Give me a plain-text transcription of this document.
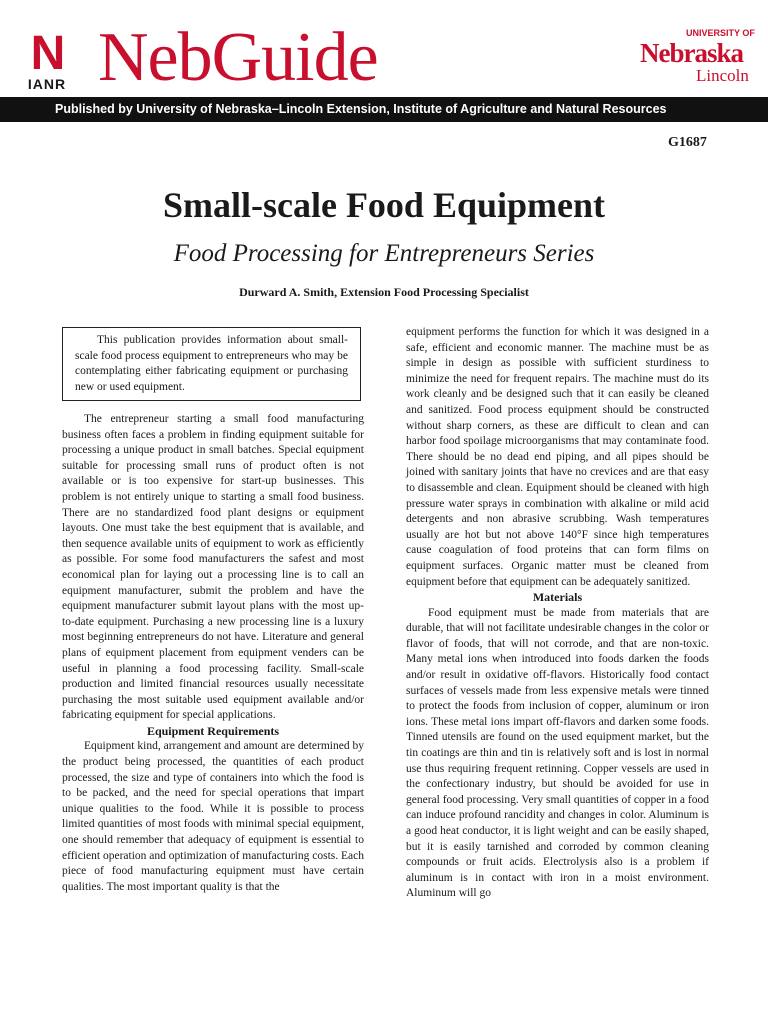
N
IANR NebGuide	UNIVERSITY OF
Nebraska
Lincoln
Published by University of Nebraska–Lincoln Extension, Institute of Agriculture and Natural Resources
G1687
Small-scale Food Equipment
Food Processing for Entrepreneurs Series
Durward A. Smith, Extension Food Processing Specialist
This publication provides information about small-scale food process equipment to entrepreneurs who may be contemplating either fabricating equipment or purchasing new or used equipment.

The entrepreneur starting a small food manufacturing business often faces a problem in finding equipment suitable for processing a unique product in small batches. Special equipment suitable for processing small runs of product often is not available or is too expensive for start-up businesses. This problem is not entirely unique to starting a small food business. There are no standardized food plant designs or equipment layouts. One must take the best equipment that is available, and then sequence available units of equipment to work as efficiently as possible. For some food manufacturers the safest and most economical plan for laying out a processing line is to call an equipment manufacturer, submit the problem and have the equipment manufacturer submit layout plans with the most up-to-date equipment. Purchasing a new processing line is a luxury most beginning entrepreneurs do not have. Literature and general plans of equipment placement from equipment venders can be useful in planning a food processing facility. Small-scale production and limited financial resources usually necessitate purchasing the most suitable used equipment available and/or fabricating equipment for special applications.

Equipment Requirements

Equipment kind, arrangement and amount are determined by the product being processed, the quantities of each product processed, the size and type of containers into which the food is to be packed, and the need for special operations that impart unique qualities to the food. While it is possible to process limited quantities of most foods with minimal special equipment, one should remember that adequacy of equipment is essential to efficient operation and optimization of manufacturing costs. Each piece of food manufacturing equipment must have certain qualities. The most important quality is that the

equipment performs the function for which it was designed in a safe, efficient and economic manner. The machine must be as simple in design as possible with sufficient sturdiness to minimize the need for frequent repairs. The machine must do its work cleanly and be designed such that it can easily be cleaned and sanitized. Food process equipment should be constructed without sharp corners, as these are difficult to clean and can harbor food spoilage microorganisms that may contaminate food. There should be no dead end piping, and all pipes should be joined with sanitary joints that have no crevices and are that easy to disassemble and clean. Equipment should be cleaned with high pressure water sprays in combination with alkaline or mild acid detergents and non abrasive scrubbing. Wash temperatures usually are hot but not above 140°F since high temperatures cause coagulation of food proteins that can form films on equipment surfaces. Organic matter must be cleaned from equipment before that equipment can be adequately sanitized.

Materials

Food equipment must be made from materials that are durable, that will not facilitate undesirable changes in the color or flavor of foods, that will not corrode, and that are non-toxic. Many metal ions when introduced into foods darken the foods and/or result in oxidative off-flavors. Historically food contact surfaces of vessels made from less expensive metals were tinned to protect the foods from inclusion of copper, aluminum or iron ions. These metal ions impart off-flavors and darken some foods. Tinned utensils are found on the used equipment market, but the tin coatings are thin and tin is relatively soft and is lost in normal use thus requiring frequent retinning. Copper vessels are used in the confectionary industry, but should be avoided for use in general food processing. Very small quantities of copper in a food can induce profound rancidity and changes in color. Aluminum is a good heat conductor, it is light weight and can be easily shaped, but it is easily tarnished and corroded by common cleaning compounds or fruit acids. Electrolysis also is a problem if aluminum is in contact with iron in a moist environment. Aluminum will go
